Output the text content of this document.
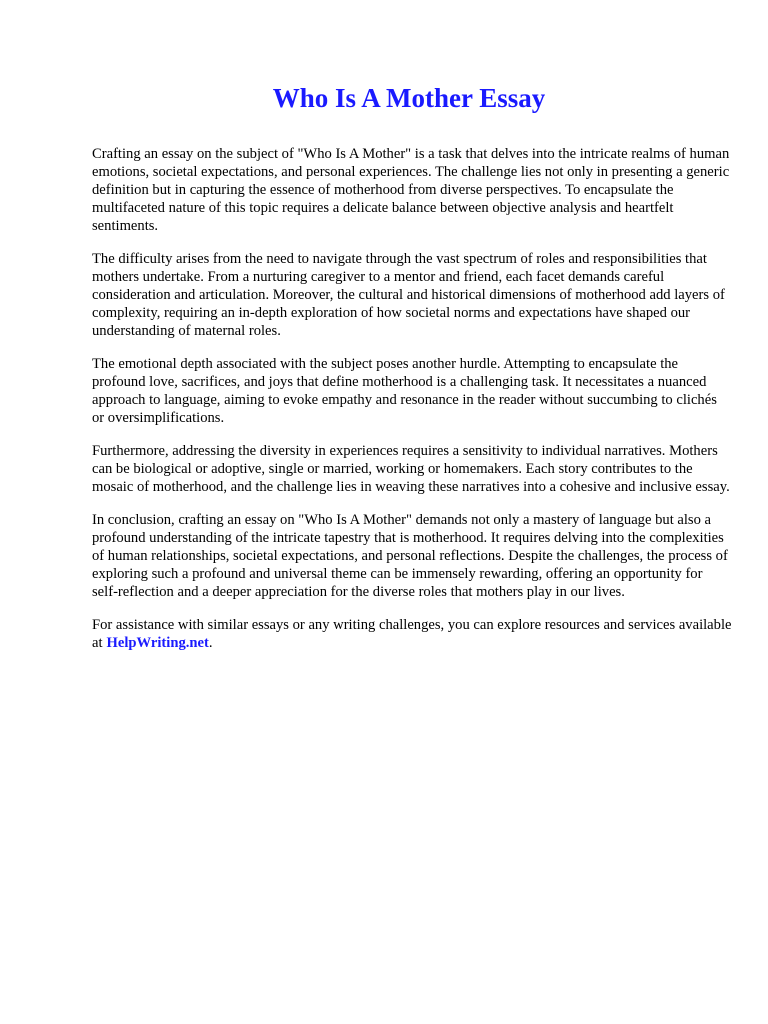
Who Is A Mother Essay

Crafting an essay on the subject of "Who Is A Mother" is a task that delves into the intricate realms of human emotions, societal expectations, and personal experiences. The challenge lies not only in presenting a generic definition but in capturing the essence of motherhood from diverse perspectives. To encapsulate the multifaceted nature of this topic requires a delicate balance between objective analysis and heartfelt sentiments.

The difficulty arises from the need to navigate through the vast spectrum of roles and responsibilities that mothers undertake. From a nurturing caregiver to a mentor and friend, each facet demands careful consideration and articulation. Moreover, the cultural and historical dimensions of motherhood add layers of complexity, requiring an in-depth exploration of how societal norms and expectations have shaped our understanding of maternal roles.

The emotional depth associated with the subject poses another hurdle. Attempting to encapsulate the profound love, sacrifices, and joys that define motherhood is a challenging task. It necessitates a nuanced approach to language, aiming to evoke empathy and resonance in the reader without succumbing to clichés or oversimplifications.

Furthermore, addressing the diversity in experiences requires a sensitivity to individual narratives. Mothers can be biological or adoptive, single or married, working or homemakers. Each story contributes to the mosaic of motherhood, and the challenge lies in weaving these narratives into a cohesive and inclusive essay.

In conclusion, crafting an essay on "Who Is A Mother" demands not only a mastery of language but also a profound understanding of the intricate tapestry that is motherhood. It requires delving into the complexities of human relationships, societal expectations, and personal reflections. Despite the challenges, the process of exploring such a profound and universal theme can be immensely rewarding, offering an opportunity for self-reflection and a deeper appreciation for the diverse roles that mothers play in our lives.

For assistance with similar essays or any writing challenges, you can explore resources and services available at HelpWriting.net.
